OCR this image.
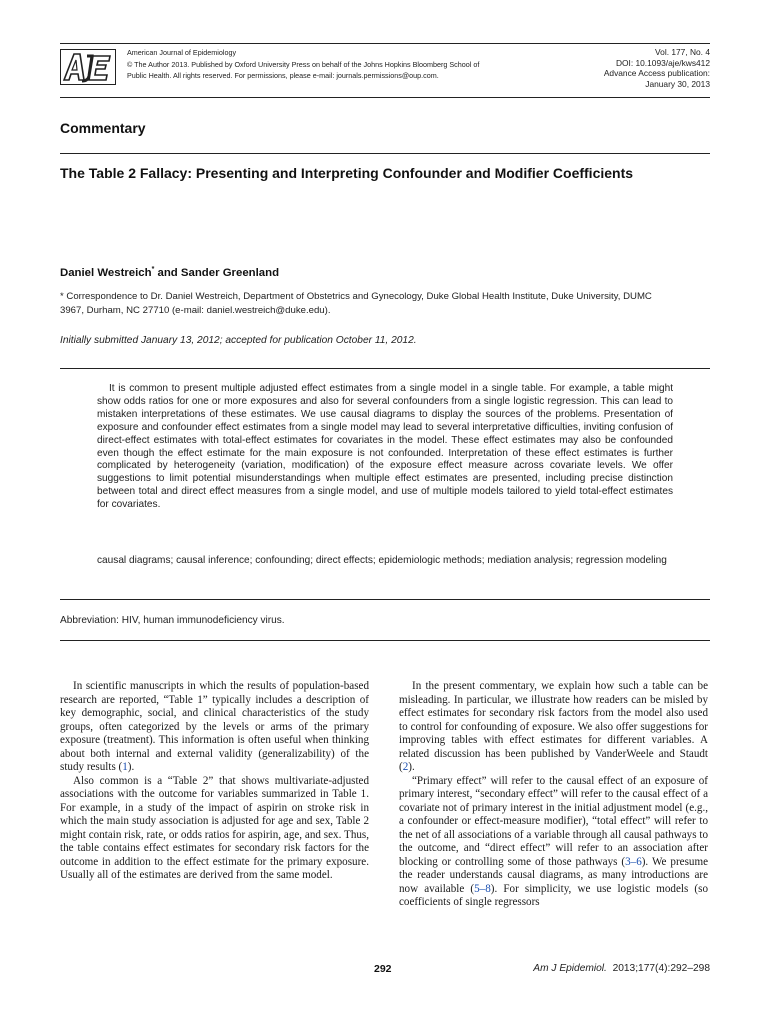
American Journal of Epidemiology
© The Author 2013. Published by Oxford University Press on behalf of the Johns Hopkins Bloomberg School of
Public Health. All rights reserved. For permissions, please e-mail: journals.permissions@oup.com.
Vol. 177, No. 4
DOI: 10.1093/aje/kws412
Advance Access publication:
January 30, 2013
Commentary
The Table 2 Fallacy: Presenting and Interpreting Confounder and Modifier Coefficients
Daniel Westreich* and Sander Greenland
* Correspondence to Dr. Daniel Westreich, Department of Obstetrics and Gynecology, Duke Global Health Institute, Duke University, DUMC
3967, Durham, NC 27710 (e-mail: daniel.westreich@duke.edu).
Initially submitted January 13, 2012; accepted for publication October 11, 2012.
It is common to present multiple adjusted effect estimates from a single model in a single table. For example, a table might show odds ratios for one or more exposures and also for several confounders from a single logistic regression. This can lead to mistaken interpretations of these estimates. We use causal diagrams to display the sources of the problems. Presentation of exposure and confounder effect estimates from a single model may lead to several interpretative difficulties, inviting confusion of direct-effect estimates with total-effect estimates for covariates in the model. These effect estimates may also be confounded even though the effect estimate for the main exposure is not confounded. Interpretation of these effect estimates is further complicated by heterogeneity (variation, modification) of the exposure effect measure across covariate levels. We offer suggestions to limit potential misunderstandings when multiple effect estimates are presented, including precise distinction between total and direct effect measures from a single model, and use of multiple models tailored to yield total-effect estimates for covariates.
causal diagrams; causal inference; confounding; direct effects; epidemiologic methods; mediation analysis; regression modeling
Abbreviation: HIV, human immunodeficiency virus.

In scientific manuscripts in which the results of population-based research are reported, “Table 1” typically includes a description of key demographic, social, and clinical characteristics of the study groups, often categorized by the levels or arms of the primary exposure (treatment). This information is often useful when thinking about both internal and external validity (generalizability) of the study results (1).

Also common is a “Table 2” that shows multivariate-adjusted associations with the outcome for variables summarized in Table 1. For example, in a study of the impact of aspirin on stroke risk in which the main study association is adjusted for age and sex, Table 2 might contain risk, rate, or odds ratios for aspirin, age, and sex. Thus, the table contains effect estimates for secondary risk factors for the outcome in addition to the effect estimate for the primary exposure. Usually all of the estimates are derived from the same model.

In the present commentary, we explain how such a table can be misleading. In particular, we illustrate how readers can be misled by effect estimates for secondary risk factors from the model also used to control for confounding of exposure. We also offer suggestions for improving tables with effect estimates for different variables. A related discussion has been published by VanderWeele and Staudt (2).

“Primary effect” will refer to the causal effect of an exposure of primary interest, “secondary effect” will refer to the causal effect of a covariate not of primary interest in the initial adjustment model (e.g., a confounder or effect-measure modifier), “total effect” will refer to the net of all associations of a variable through all causal pathways to the outcome, and “direct effect” will refer to an association after blocking or controlling some of those pathways (3–6). We presume the reader understands causal diagrams, as many introductions are now available (5–8). For simplicity, we use logistic models (so coefficients of single regressors

292	Am J Epidemiol. 2013;177(4):292–298
